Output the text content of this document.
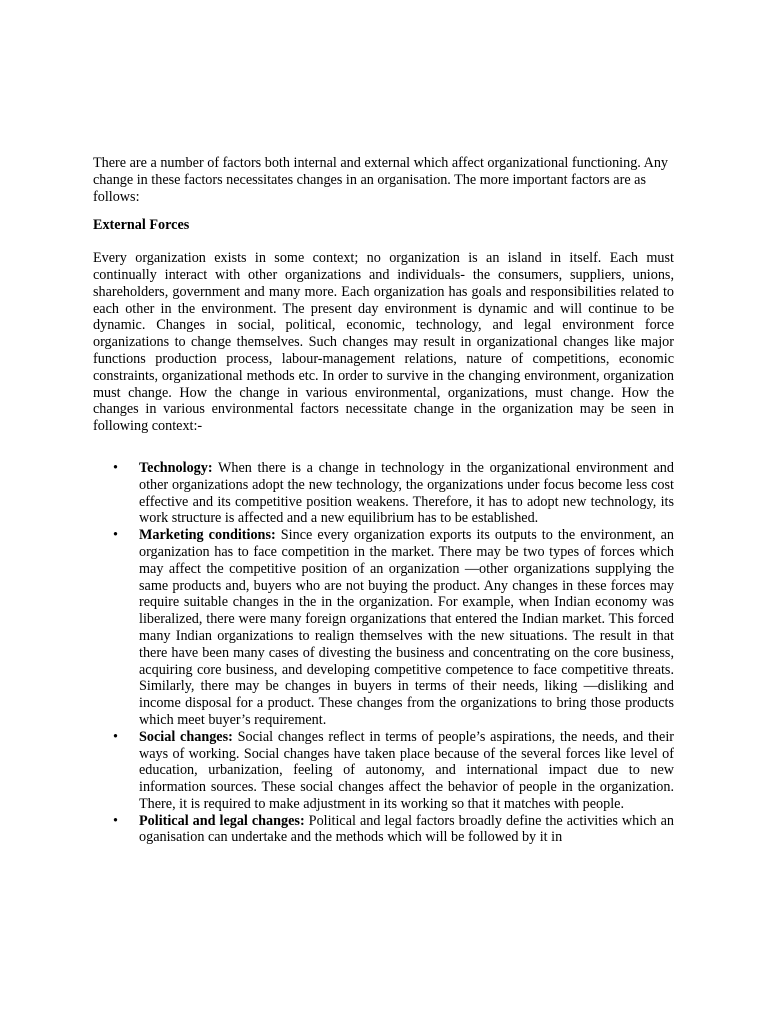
There are a number of factors both internal and external which affect organizational functioning. Any change in these factors necessitates changes in an organisation. The more important factors are as follows:

External Forces

Every organization exists in some context; no organization is an island in itself. Each must continually interact with other organizations and individuals- the consumers, suppliers, unions, shareholders, government and many more. Each organization has goals and responsibilities related to each other in the environment. The present day environment is dynamic and will continue to be dynamic. Changes in social, political, economic, technology, and legal environment force organizations to change themselves. Such changes may result in organizational changes like major functions production process, labour-management relations, nature of competitions, economic constraints, organizational methods etc. In order to survive in the changing environment, organization must change. How the change in various environmental, organizations, must change. How the changes in various environmental factors necessitate change in the organization may be seen in following context:-

• Technology: When there is a change in technology in the organizational environment and other organizations adopt the new technology, the organizations under focus become less cost effective and its competitive position weakens. Therefore, it has to adopt new technology, its work structure is affected and a new equilibrium has to be established.
• Marketing conditions: Since every organization exports its outputs to the environment, an organization has to face competition in the market. There may be two types of forces which may affect the competitive position of an organization —other organizations supplying the same products and, buyers who are not buying the product. Any changes in these forces may require suitable changes in the in the organization. For example, when Indian economy was liberalized, there were many foreign organizations that entered the Indian market. This forced many Indian organizations to realign themselves with the new situations. The result in that there have been many cases of divesting the business and concentrating on the core business, acquiring core business, and developing competitive competence to face competitive threats. Similarly, there may be changes in buyers in terms of their needs, liking —disliking and income disposal for a product. These changes from the organizations to bring those products which meet buyer’s requirement.
• Social changes: Social changes reflect in terms of people’s aspirations, the needs, and their ways of working. Social changes have taken place because of the several forces like level of education, urbanization, feeling of autonomy, and international impact due to new information sources. These social changes affect the behavior of people in the organization. There, it is required to make adjustment in its working so that it matches with people.
• Political and legal changes: Political and legal factors broadly define the activities which an oganisation can undertake and the methods which will be followed by it in
